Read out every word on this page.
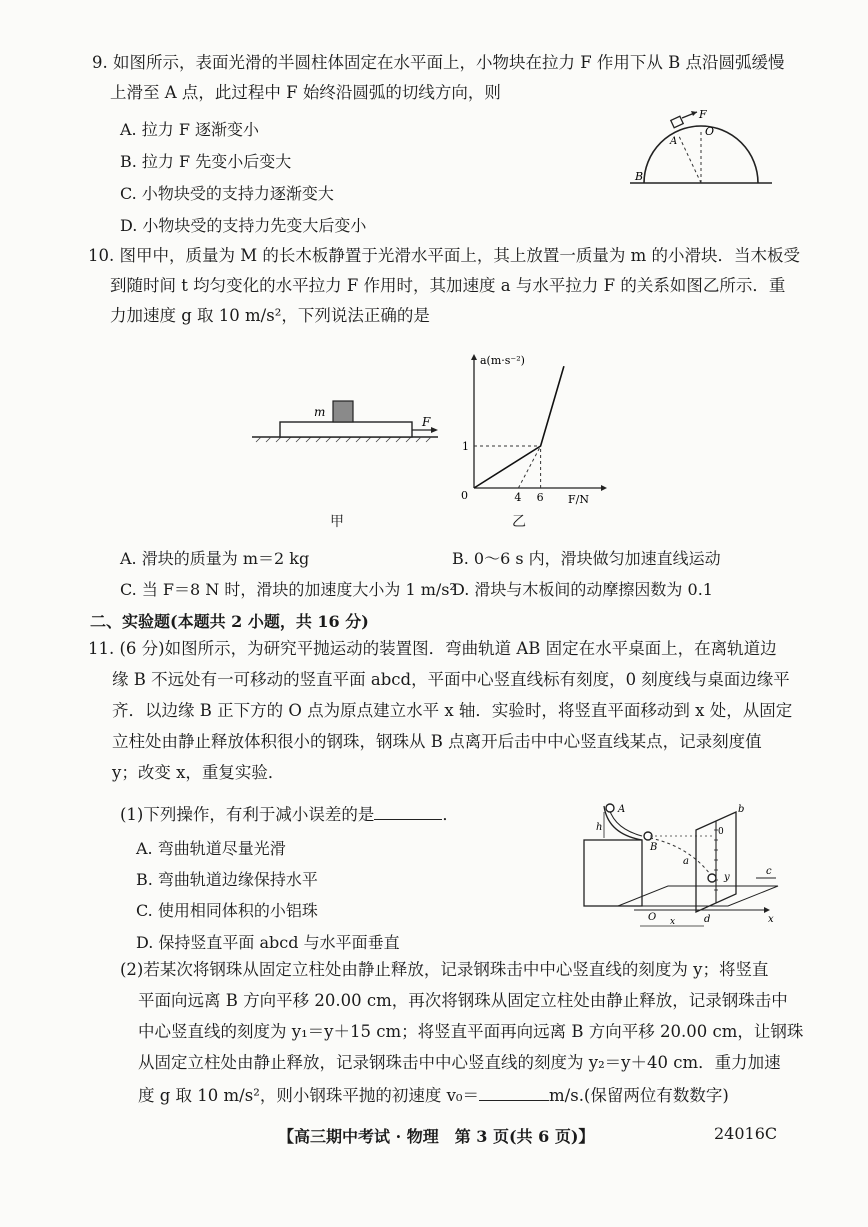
9. 如图所示，表面光滑的半圆柱体固定在水平面上，小物块在拉力 F 作用下从 B 点沿圆弧缓慢
上滑至 A 点，此过程中 F 始终沿圆弧的切线方向，则
A. 拉力 F 逐渐变小
B. 拉力 F 先变小后变大
C. 小物块受的支持力逐渐变大
D. 小物块受的支持力先变大后变小
F
O
A
B
10. 图甲中，质量为 M 的长木板静置于光滑水平面上，其上放置一质量为 m 的小滑块．当木板受
到随时间 t 均匀变化的水平拉力 F 作用时，其加速度 a 与水平拉力 F 的关系如图乙所示．重
力加速度 g 取 10 m/s²，下列说法正确的是
m
F
甲
a(m·s⁻²)
F/N
0	4 6
1
乙
A. 滑块的质量为 m＝2 kg	B. 0～6 s 内，滑块做匀加速直线运动
C. 当 F＝8 N 时，滑块的加速度大小为 1 m/s²
D. 滑块与木板间的动摩擦因数为 0.1
二、实验题(本题共 2 小题，共 16 分)
11. (6 分)如图所示，为研究平抛运动的装置图．弯曲轨道 AB 固定在水平桌面上，在离轨道边
缘 B 不远处有一可移动的竖直平面 abcd，平面中心竖直线标有刻度，0 刻度线与桌面边缘平
齐．以边缘 B 正下方的 O 点为原点建立水平 x 轴．实验时，将竖直平面移动到 x 处，从固定
立柱处由静止释放体积很小的钢珠，钢珠从 B 点离开后击中中心竖直线某点，记录刻度值
y；改变 x，重复实验．
(1)下列操作，有利于减小误差的是	．
A. 弯曲轨道尽量光滑
B. 弯曲轨道边缘保持水平
C. 使用相同体积的小铝珠
D. 保持竖直平面 abcd 与水平面垂直
A
h
B
b
0
a
c
y
O	d
x	x
(2)若某次将钢珠从固定立柱处由静止释放，记录钢珠击中中心竖直线的刻度为 y；将竖直
平面向远离 B 方向平移 20.00 cm，再次将钢珠从固定立柱处由静止释放，记录钢珠击中
中心竖直线的刻度为 y₁＝y＋15 cm；将竖直平面再向远离 B 方向平移 20.00 cm，让钢珠
从固定立柱处由静止释放，记录钢珠击中中心竖直线的刻度为 y₂＝y＋40 cm．重力加速
度 g 取 10 m/s²，则小钢珠平抛的初速度 v₀＝	m/s.(保留两位有数数字)
【高三期中考试 · 物理　第 3 页(共 6 页)】	24016C
